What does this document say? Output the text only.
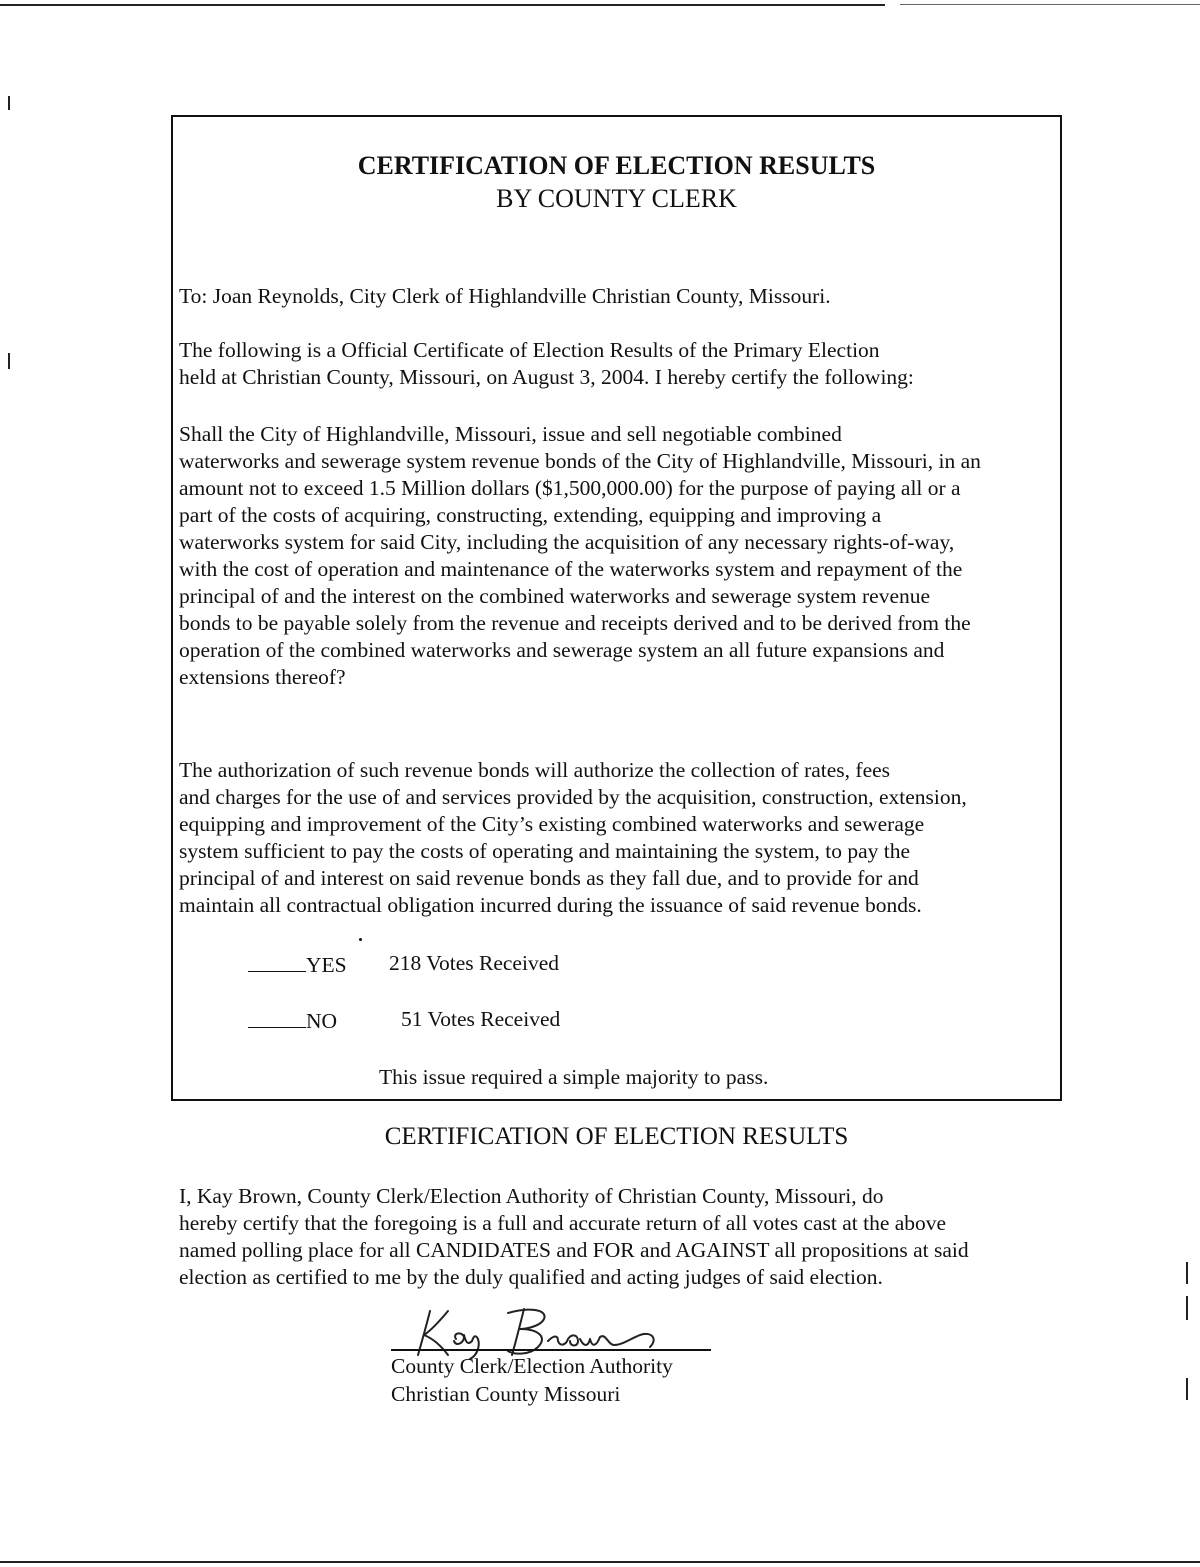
CERTIFICATION OF ELECTION RESULTS
BY COUNTY CLERK
To: Joan Reynolds, City Clerk of Highlandville Christian County, Missouri.
The following is a Official Certificate of Election Results of the Primary Election
held at Christian County, Missouri, on August 3, 2004. I hereby certify the following:
Shall the City of Highlandville, Missouri, issue and sell negotiable combined
waterworks and sewerage system revenue bonds of the City of Highlandville, Missouri, in an
amount not to exceed 1.5 Million dollars ($1,500,000.00) for the purpose of paying all or a
part of the costs of acquiring, constructing, extending, equipping and improving a
waterworks system for said City, including the acquisition of any necessary rights-of-way,
with the cost of operation and maintenance of the waterworks system and repayment of the
principal of and the interest on the combined waterworks and sewerage system revenue
bonds to be payable solely from the revenue and receipts derived and to be derived from the
operation of the combined waterworks and sewerage system an all future expansions and
extensions thereof?
The authorization of such revenue bonds will authorize the collection of rates, fees
and charges for the use of and services provided by the acquisition, construction, extension,
equipping and improvement of the City’s existing combined waterworks and sewerage
system sufficient to pay the costs of operating and maintaining the system, to pay the
principal of and interest on said revenue bonds as they fall due, and to provide for and
maintain all contractual obligation incurred during the issuance of said revenue bonds.
YES	218 Votes Received
NO	51 Votes Received
This issue required a simple majority to pass.
CERTIFICATION OF ELECTION RESULTS
I, Kay Brown, County Clerk/Election Authority of Christian County, Missouri, do
hereby certify that the foregoing is a full and accurate return of all votes cast at the above
named polling place for all CANDIDATES and FOR and AGAINST all propositions at said
election as certified to me by the duly qualified and acting judges of said election.
County Clerk/Election Authority
Christian County Missouri
